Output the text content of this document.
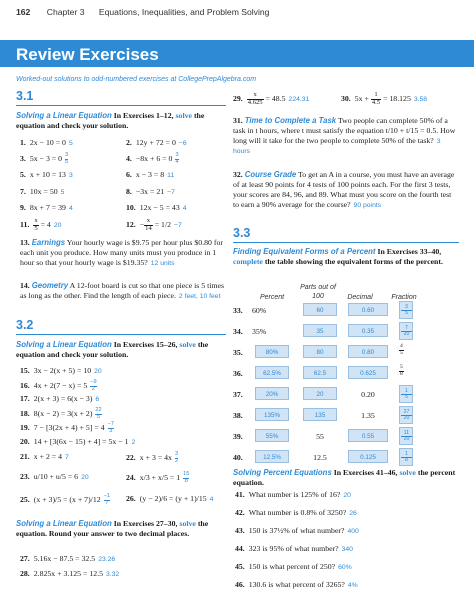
162 Chapter 3 Equations, Inequalities, and Problem Solving
Review Exercises
Worked-out solutions to odd-numbered exercises at CollegePrepAlgebra.com
3.1
Solving a Linear Equation In Exercises 1–12, solve the equation and check your solution.
1. 2x − 10 = 0 5	2. 12y + 72 = 0 −6
3. $5x - 3 = 0 \frac{3}{5}$	4. $-8x + 6 = 0 \frac{3}{4}$
5. x + 10 = 13 3	6. x − 3 = 8 11
7. 10x = 50 5	8. −3x = 21 −7
9. 8x + 7 = 39 4	10. 12x − 5 = 43 4
11. $\frac{x}{5} = 4$ 20	12. − $\frac{x}{14} = 1/2 -7$
13. Earnings Your hourly wage is $9.75 per hour plus $0.80 for each unit you produce. How many units must you produce in 1 hour so that your hourly wage is $19.35? 12 units
14. Geometry A 12-foot board is cut so that one piece is 5 times as long as the other. Find the length of each piece. 2 feet, 10 feet
3.2
Solving a Linear Equation In Exercises 15–26, solve the equation and check your solution.
15. 3x − 2(x + 5) = 10 20
16. $4x + 2(7 - x) = 5 \frac{-9}{2}$
17. 2(x + 3) = 6(x − 3) 6
18. $8(x - 2) = 3(x + 2) \frac{22}{5}$
19. $7 - [3(2x + 4) + 5] = 4 \frac{-7}{3}$
20. 14 + [3(6x − 15) + 4] = 5x − 1 2
21. x + 2 = 4 7	22. $x + 3 = 4x \frac{3}{2}$
23. u/10 + u/5 = 6 20	24. $x/3 + x/5 = 1 \frac{15}{8}$
25. $(x + 3)/5 = (x + 7)/12 \frac{-1}{7} 26$. (y − 2)/6 = (y + 1)/15 4
Solving a Linear Equation In Exercises 27–30, solve the equation. Round your answer to two decimal places.
27. 5.16x − 87.5 = 32.5 23.26
28. 2.825x + 3.125 = 12.5 3.32
29. $\frac{x}{4.625} = 48.5$ 224.31	30. $5x + \frac{1}{4.5} = 18.125$ 3.58
31. Time to Complete a Task Two people can complete 50% of a task in t hours, where t must satisfy the equation t/10 + t/15 = 0.5. How long will it take for the two people to complete 50% of the task? 3 hours
32. Course Grade To get an A in a course, you must have an average of at least 90 points for 4 tests of 100 points each. For the first 3 tests, your scores are 84, 96, and 89. What must you score on the fourth test to earn a 90% average for the course? 90 points
3.3
Finding Equivalent Forms of a Percent In Exercises 33–40, complete the table showing the equivalent forms of the percent.
Percent
Parts out of 100	Decimal	Fraction
33. 60%	60	0.60	3
5
34. 35%	35	0.35	7
20
35.	80%	80	0.80	$\frac{4}{5}$
36.	62.5%	62.5	0.625	$\frac{5}{8}$
37.	20%	20	0.20	1
5
38.	135%	135	1.35	27
20
39.	55%	55	0.55	11
20
40.	12.5%	12.5	0.125	1
8
Solving Percent Equations In Exercises 41–46, solve the percent equation.
41. What number is 125% of 16? 20
42. What number is 0.8% of 3250? 26
43. 150 is 37½% of what number? 400
44. 323 is 95% of what number? 340
45. 150 is what percent of 250? 60%
46. 130.6 is what percent of 3265? 4%
